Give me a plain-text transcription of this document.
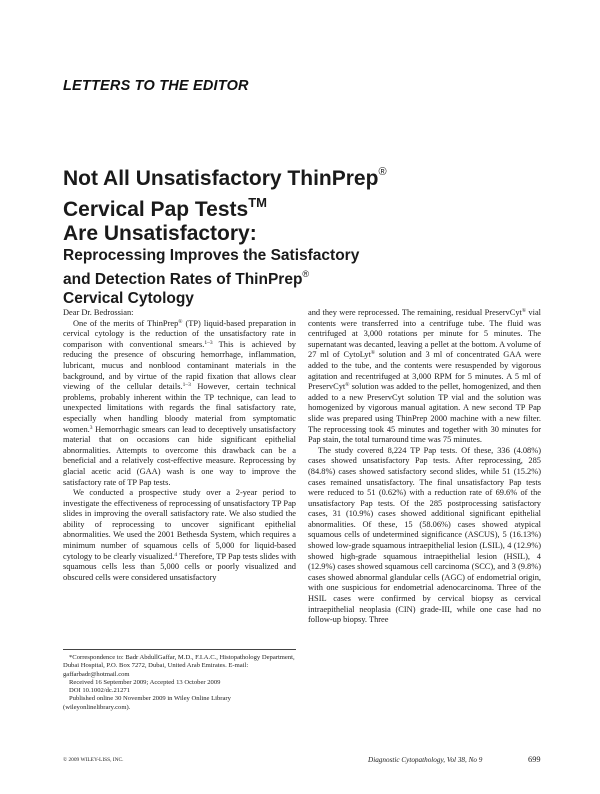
LETTERS TO THE EDITOR
Not All Unsatisfactory ThinPrep®
Cervical Pap Tests™
Are Unsatisfactory:
Reprocessing Improves the Satisfactory
and Detection Rates of ThinPrep®
Cervical Cytology

Dear Dr. Bedrossian:

One of the merits of ThinPrep® (TP) liquid-based preparation in cervical cytology is the reduction of the unsatisfactory rate in comparison with conventional smears.$^{1-3}$ This is achieved by reducing the presence of obscuring hemorrhage, inflammation, lubricant, mucus and nonblood contaminant materials in the background, and by virtue of the rapid fixation that allows clear viewing of the cellular details.$^{1-3}$ However, certain technical problems, probably inherent within the TP technique, can lead to unexpected limitations with regards the final satisfactory rate, especially when handling bloody material from symptomatic women.$^3$ Hemorrhagic smears can lead to deceptively unsatisfactory material that on occasions can hide significant epithelial abnormalities. Attempts to overcome this drawback can be a beneficial and a relatively cost-effective measure. Reprocessing by glacial acetic acid (GAA) wash is one way to improve the satisfactory rate of TP Pap tests.

We conducted a prospective study over a 2-year period to investigate the effectiveness of reprocessing of unsatisfactory TP Pap slides in improving the overall satisfactory rate. We also studied the ability of reprocessing to uncover significant epithelial abnormalities. We used the 2001 Bethesda System, which requires a minimum number of squamous cells of 5,000 for liquid-based cytology to be clearly visualized.$^4$ Therefore, TP Pap tests slides with squamous cells less than 5,000 cells or poorly visualized and obscured cells were considered unsatisfactory

*Correspondence to: Badr AbdullGaffar, M.D., F.I.A.C., Histopathology Department, Dubai Hospital, P.O. Box 7272, Dubai, United Arab Emirates. E-mail: gaffarbadr@hotmail.com

Received 16 September 2009; Accepted 13 October 2009

DOI 10.1002/dc.21271

Published online 30 November 2009 in Wiley Online Library (wileyonlinelibrary.com).

and they were reprocessed. The remaining, residual PreservCyt® vial contents were transferred into a centrifuge tube. The fluid was centrifuged at 3,000 rotations per minute for 5 minutes. The supernatant was decanted, leaving a pellet at the bottom. A volume of 27 ml of CytoLyt® solution and 3 ml of concentrated GAA were added to the tube, and the contents were resuspended by vigorous agitation and recentrifuged at 3,000 RPM for 5 minutes. A 5 ml of PreservCyt® solution was added to the pellet, homogenized, and then added to a new PreservCyt solution TP vial and the solution was homogenized by vigorous manual agitation. A new second TP Pap slide was prepared using ThinPrep 2000 machine with a new filter. The reprocessing took 45 minutes and together with 30 minutes for Pap stain, the total turnaround time was 75 minutes.

The study covered 8,224 TP Pap tests. Of these, 336 (4.08%) cases showed unsatisfactory Pap tests. After reprocessing, 285 (84.8%) cases showed satisfactory second slides, while 51 (15.2%) cases remained unsatisfactory. The final unsatisfactory Pap tests were reduced to 51 (0.62%) with a reduction rate of 69.6% of the unsatisfactory Pap tests. Of the 285 postprocessing satisfactory cases, 31 (10.9%) cases showed additional significant epithelial abnormalities. Of these, 15 (58.06%) cases showed atypical squamous cells of undetermined significance (ASCUS), 5 (16.13%) showed low-grade squamous intraepithelial lesion (LSIL), 4 (12.9%) showed high-grade squamous intraepithelial lesion (HSIL), 4 (12.9%) cases showed squamous cell carcinoma (SCC), and 3 (9.8%) cases showed abnormal glandular cells (AGC) of endometrial origin, with one suspicious for endometrial adenocarcinoma. Three of the HSIL cases were confirmed by cervical biopsy as cervical intraepithelial neoplasia (CIN) grade-III, while one case had no follow-up biopsy. Three

© 2009 WILEY-LISS, INC.	Diagnostic Cytopathology, Vol 38, No 9	699
